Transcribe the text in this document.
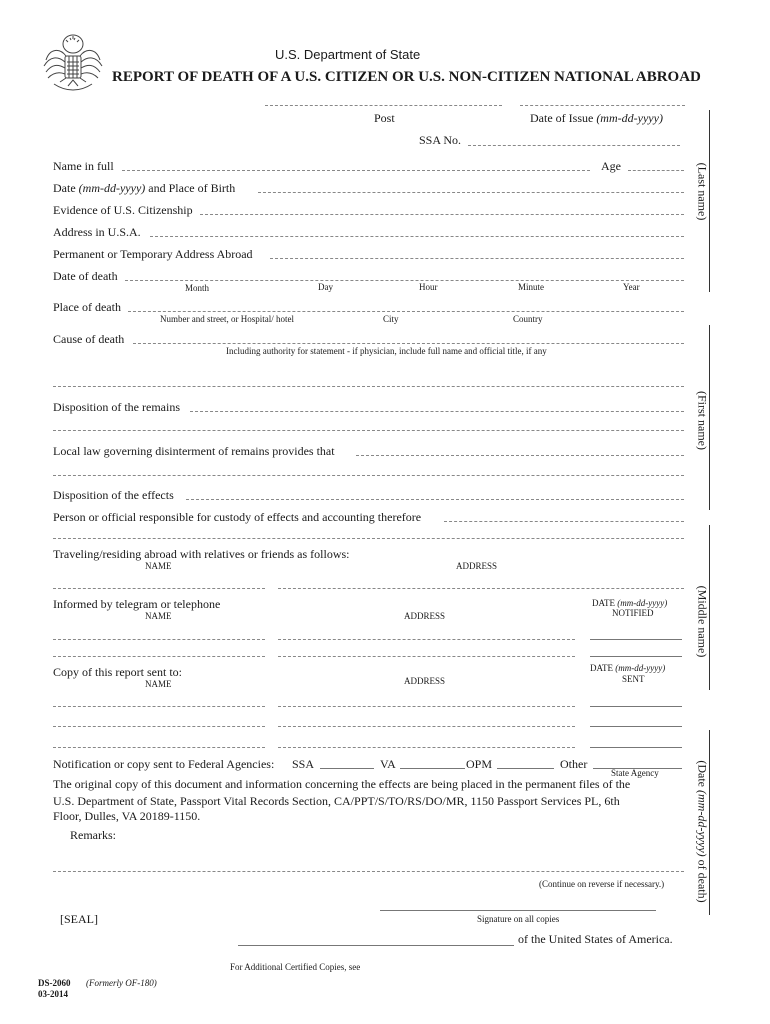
U.S. Department of State
REPORT OF DEATH OF A U.S. CITIZEN OR U.S. NON-CITIZEN NATIONAL ABROAD
Post	Date of Issue (mm-dd-yyyy)
SSA No.
(Last name)
(First name)
(Middle name)
(Date (mm-dd-yyyy) of death)
Name in full	Age
Date (mm-dd-yyyy) and Place of Birth
Evidence of U.S. Citizenship
Address in U.S.A.
Permanent or Temporary Address Abroad
Date of death
Month	Day	Hour	Minute	Year
Place of death
Number and street, or Hospital/ hotel	City	Country
Cause of death
Including authority for statement - if physician, include full name and official title, if any
Disposition of the remains
Local law governing disinterment of remains provides that
Disposition of the effects
Person or official responsible for custody of effects and accounting therefore
Traveling/residing abroad with relatives or friends as follows:
NAME	ADDRESS
Informed by telegram or telephone
NAME	ADDRESS
DATE (mm-dd-yyyy)
NOTIFIED
Copy of this report sent to:
NAME	ADDRESS
DATE (mm-dd-yyyy)
SENT
Notification or copy sent to Federal Agencies: SSA	VA	OPM	Other
State Agency
The original copy of this document and information concerning the effects are being placed in the permanent files of the
U.S. Department of State, Passport Vital Records Section, CA/PPT/S/TO/RS/DO/MR, 1150 Passport Services PL, 6th
Floor, Dulles, VA 20189-1150.
Remarks:
(Continue on reverse if necessary.)
[SEAL]	Signature on all copies
of the United States of America.
For Additional Certified Copies, see
DS-2060 (Formerly OF-180)
03-2014
